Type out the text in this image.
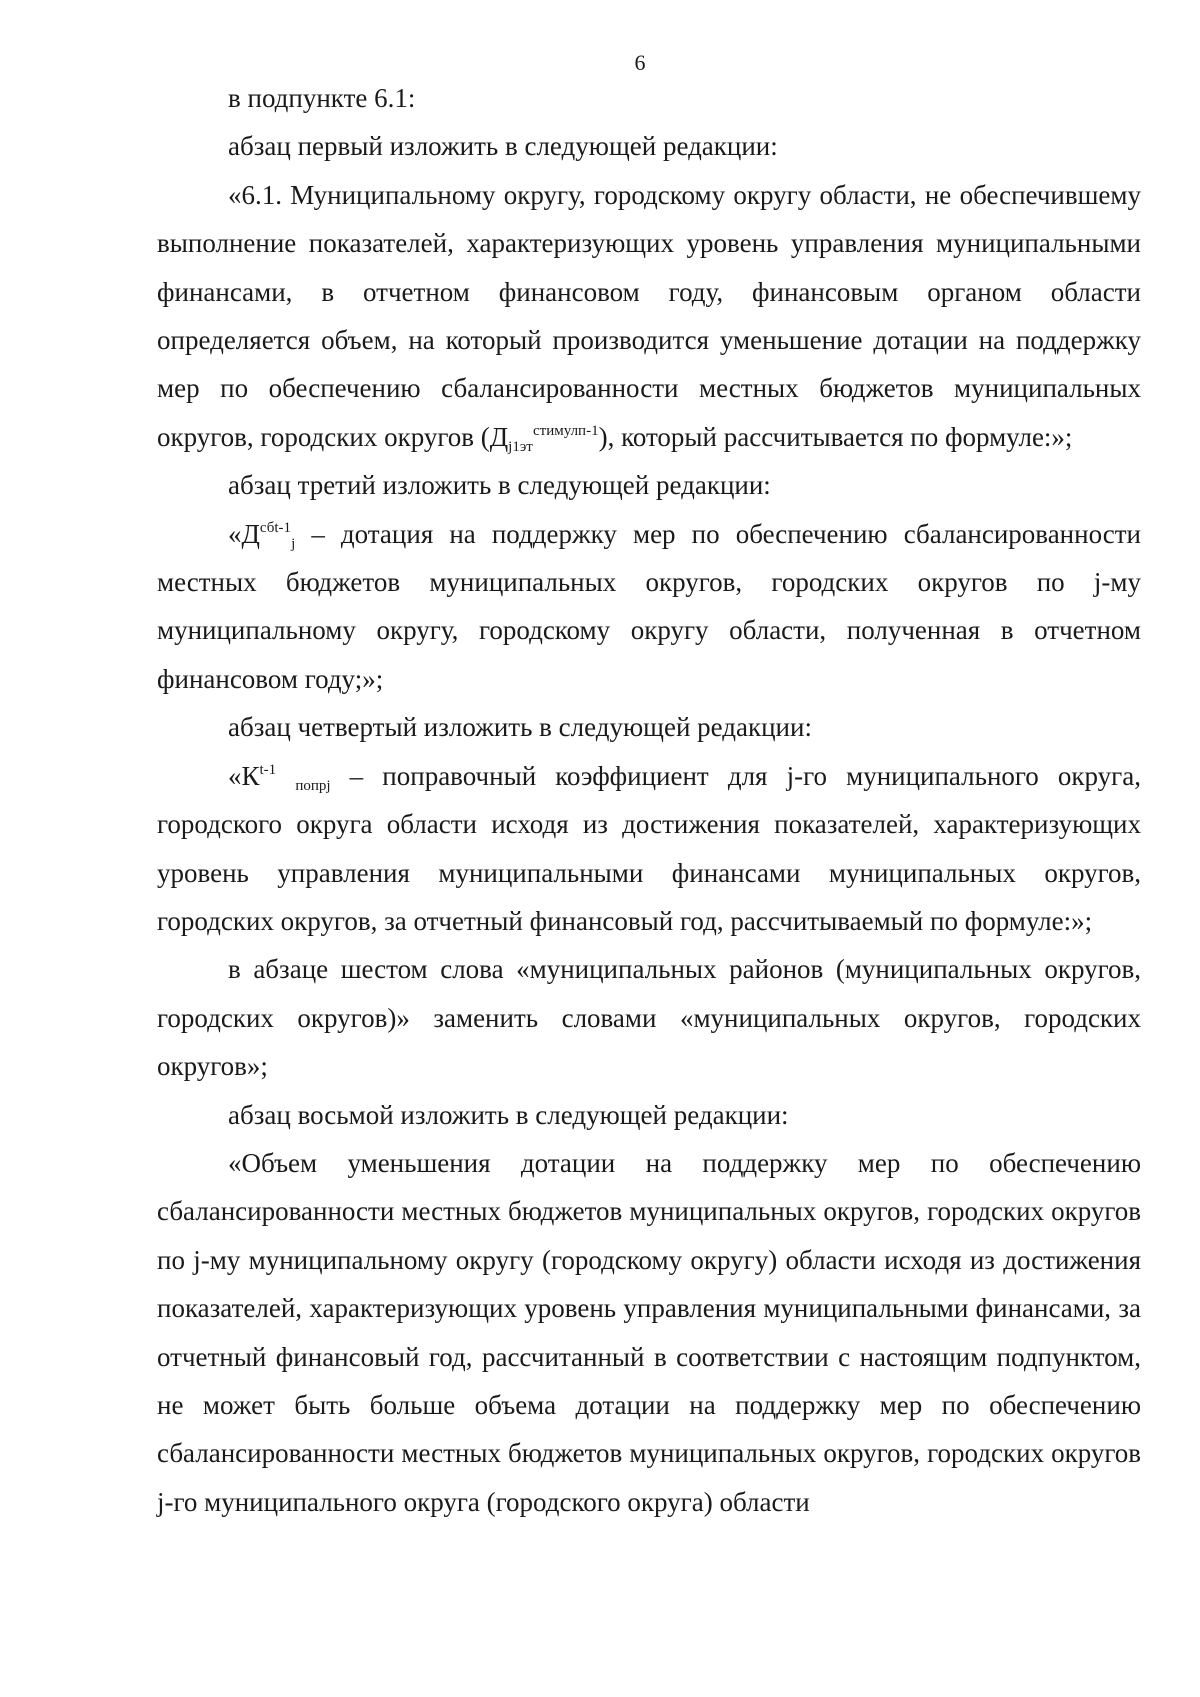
6

в подпункте 6.1:

абзац первый изложить в следующей редакции:

«6.1. Муниципальному округу, городскому округу области, не обеспечившему выполнение показателей, характеризующих уровень управления муниципальными финансами, в отчетном финансовом году, финансовым органом области определяется объем, на который производится уменьшение дотации на поддержку мер по обеспечению сбалансированности местных бюджетов муниципальных округов, городских округов $(Д_{j1эт}^{стимулп-1})$, который рассчитывается по формуле:»;

абзац третий изложить в следующей редакции:

«$Д^{сбt-1}_j$ – дотация на поддержку мер по обеспечению сбалансированности местных бюджетов муниципальных округов, городских округов по j-му муниципальному округу, городскому округу области, полученная в отчетном финансовом году;»;

абзац четвертый изложить в следующей редакции:

«$К^{t-1}$ $_{попрj}$ – поправочный коэффициент для j-го муниципального округа, городского округа области исходя из достижения показателей, характеризующих уровень управления муниципальными финансами муниципальных округов, городских округов, за отчетный финансовый год, рассчитываемый по формуле:»;

в абзаце шестом слова «муниципальных районов (муниципальных округов, городских округов)» заменить словами «муниципальных округов, городских округов»;

абзац восьмой изложить в следующей редакции:

«Объем уменьшения дотации на поддержку мер по обеспечению сбалансированности местных бюджетов муниципальных округов, городских округов по j-му муниципальному округу (городскому округу) области исходя из достижения показателей, характеризующих уровень управления муниципальными финансами, за отчетный финансовый год, рассчитанный в соответствии с настоящим подпунктом, не может быть больше объема дотации на поддержку мер по обеспечению сбалансированности местных бюджетов муниципальных округов, городских округов j-го муниципального округа (городского округа) области
